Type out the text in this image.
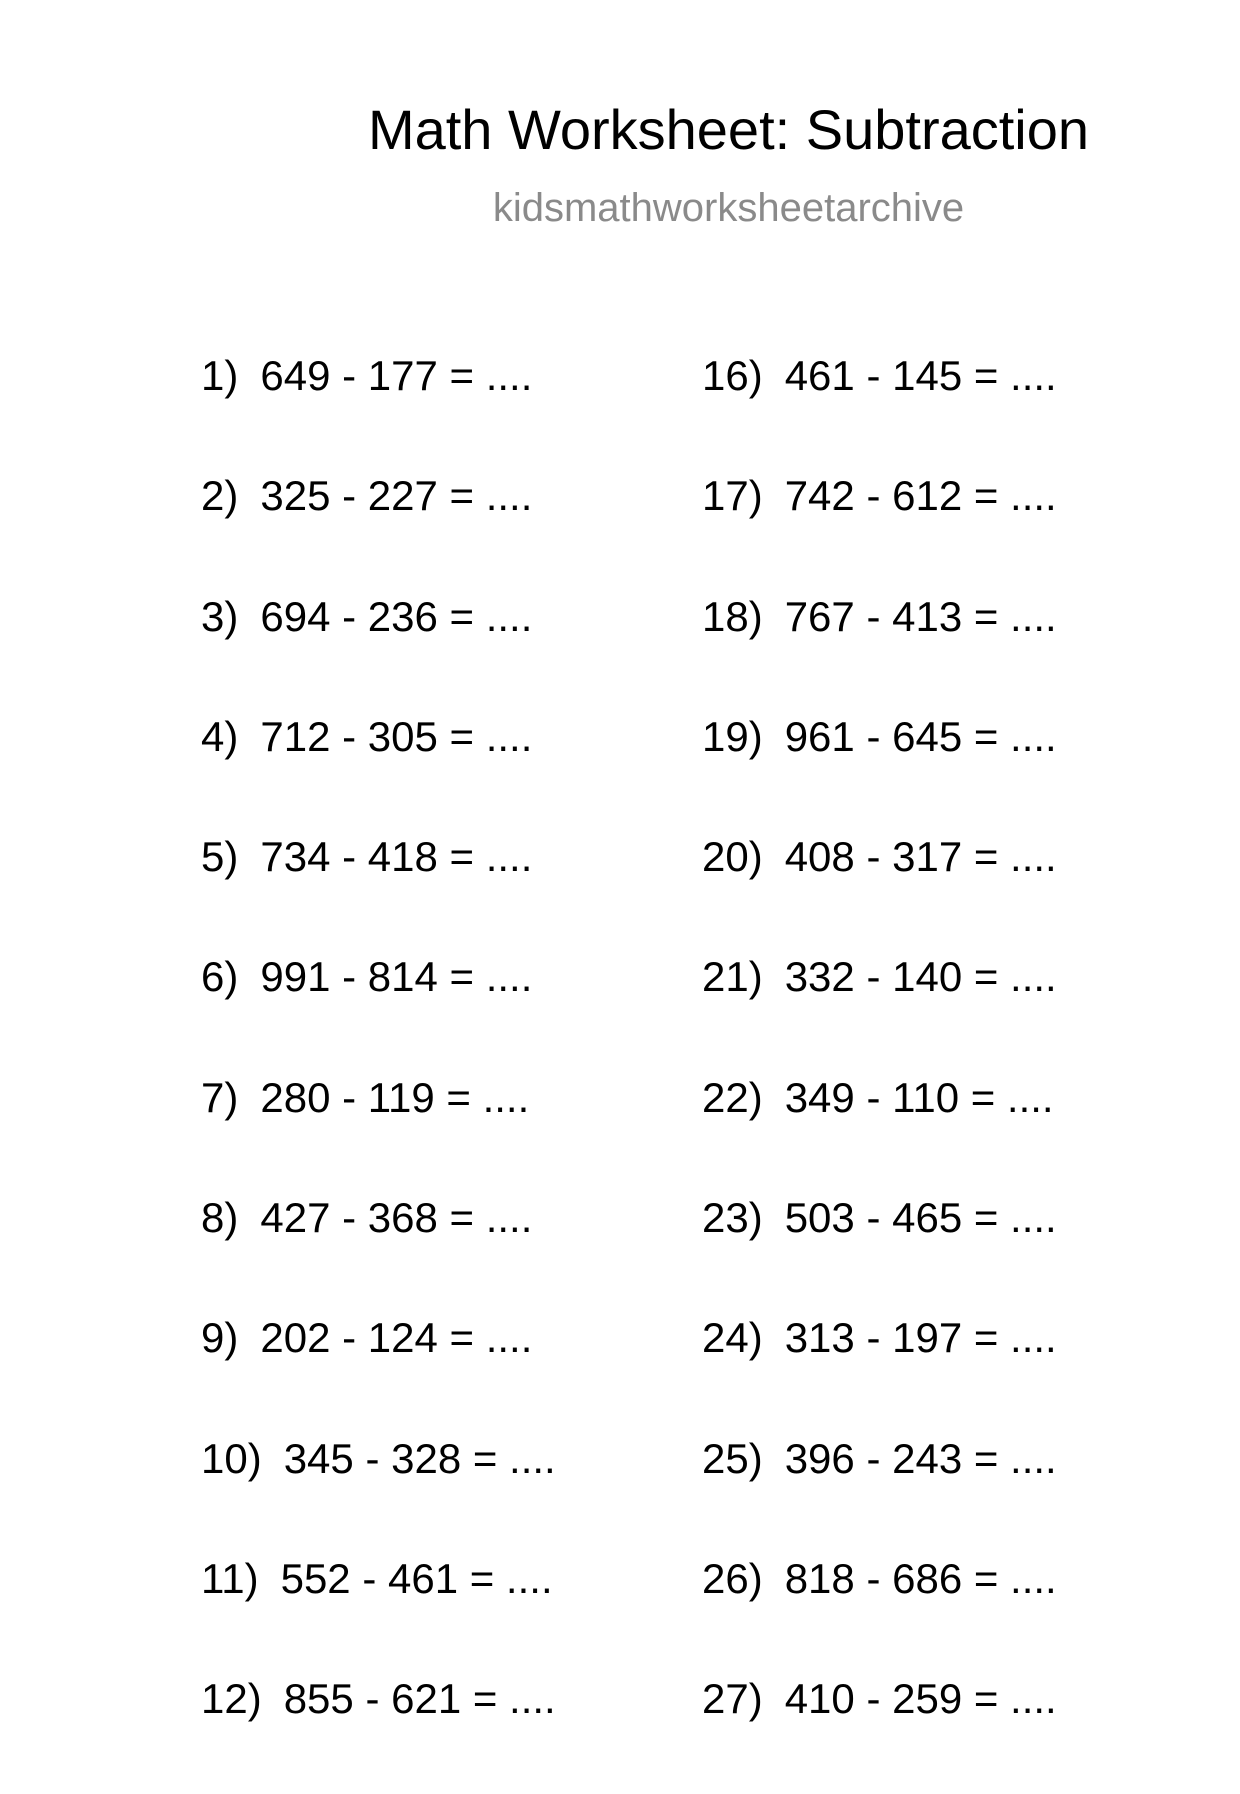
Math Worksheet: Subtraction
kidsmathworksheetarchive
1) 649 - 177 = ....
2) 325 - 227 = ....
3) 694 - 236 = ....
4) 712 - 305 = ....
5) 734 - 418 = ....
6) 991 - 814 = ....
7) 280 - 119 = ....
8) 427 - 368 = ....
9) 202 - 124 = ....
10) 345 - 328 = ....
11) 552 - 461 = ....
12) 855 - 621 = ....
16) 461 - 145 = ....
17) 742 - 612 = ....
18) 767 - 413 = ....
19) 961 - 645 = ....
20) 408 - 317 = ....
21) 332 - 140 = ....
22) 349 - 110 = ....
23) 503 - 465 = ....
24) 313 - 197 = ....
25) 396 - 243 = ....
26) 818 - 686 = ....
27) 410 - 259 = ....
